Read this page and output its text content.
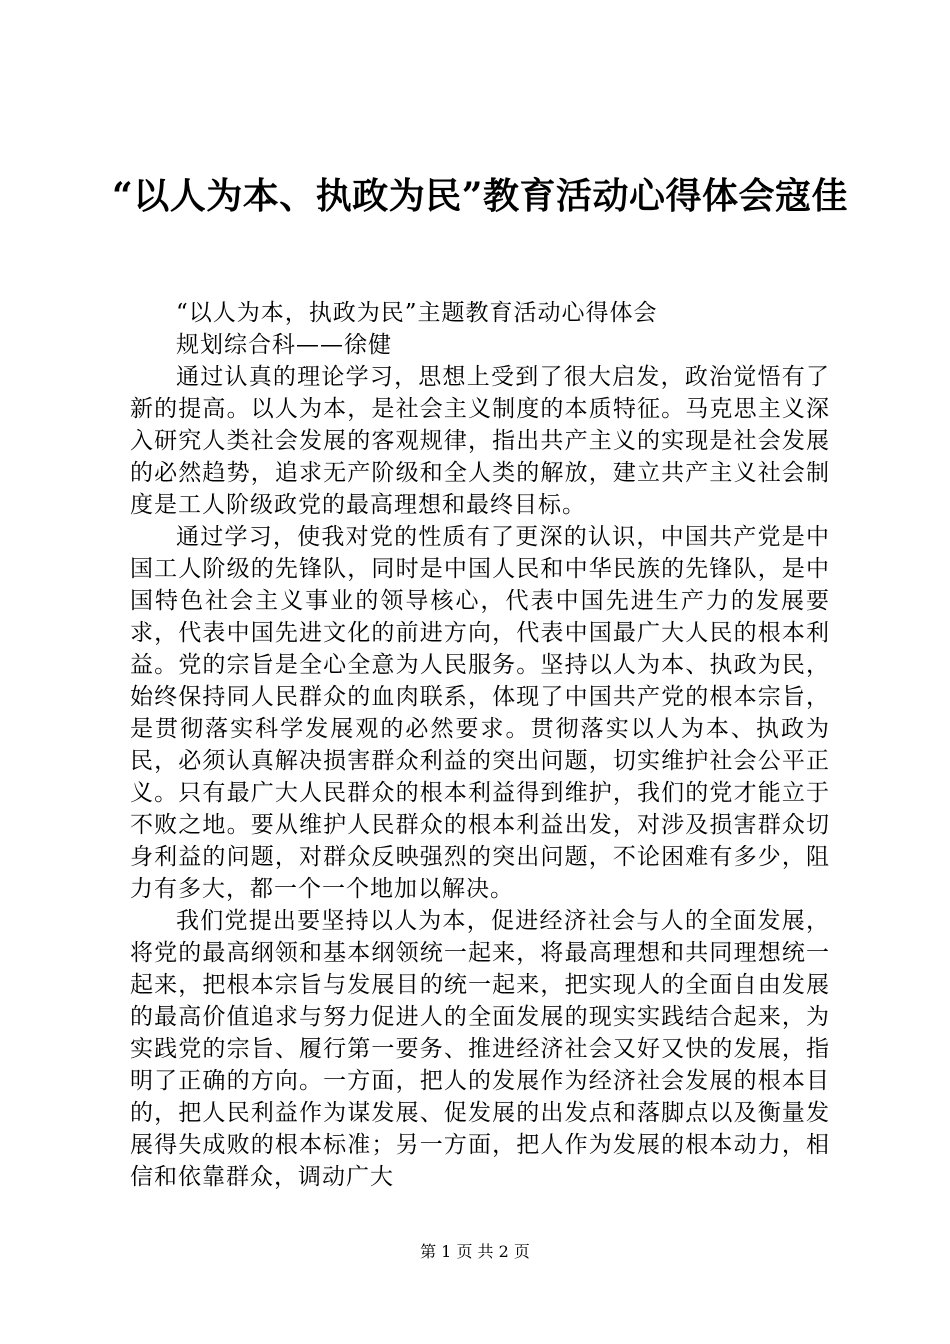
“以人为本、执政为民”教育活动心得体会寇佳

“以人为本，执政为民”主题教育活动心得体会

规划综合科——徐健

通过认真的理论学习，思想上受到了很大启发，政治觉悟有了新的提高。以人为本，是社会主义制度的本质特征。马克思主义深入研究人类社会发展的客观规律，指出共产主义的实现是社会发展的必然趋势，追求无产阶级和全人类的解放，建立共产主义社会制度是工人阶级政党的最高理想和最终目标。

通过学习，使我对党的性质有了更深的认识，中国共产党是中国工人阶级的先锋队，同时是中国人民和中华民族的先锋队，是中国特色社会主义事业的领导核心，代表中国先进生产力的发展要求，代表中国先进文化的前进方向，代表中国最广大人民的根本利益。党的宗旨是全心全意为人民服务。坚持以人为本、执政为民，始终保持同人民群众的血肉联系，体现了中国共产党的根本宗旨，是贯彻落实科学发展观的必然要求。贯彻落实以人为本、执政为民，必须认真解决损害群众利益的突出问题，切实维护社会公平正义。只有最广大人民群众的根本利益得到维护，我们的党才能立于不败之地。要从维护人民群众的根本利益出发，对涉及损害群众切身利益的问题，对群众反映强烈的突出问题，不论困难有多少，阻力有多大，都一个一个地加以解决。

我们党提出要坚持以人为本，促进经济社会与人的全面发展，将党的最高纲领和基本纲领统一起来，将最高理想和共同理想统一起来，把根本宗旨与发展目的统一起来，把实现人的全面自由发展的最高价值追求与努力促进人的全面发展的现实实践结合起来，为实践党的宗旨、履行第一要务、推进经济社会又好又快的发展，指明了正确的方向。一方面，把人的发展作为经济社会发展的根本目的，把人民利益作为谋发展、促发展的出发点和落脚点以及衡量发展得失成败的根本标准；另一方面，把人作为发展的根本动力，相信和依靠群众，调动广大

第 1 页 共 2 页
